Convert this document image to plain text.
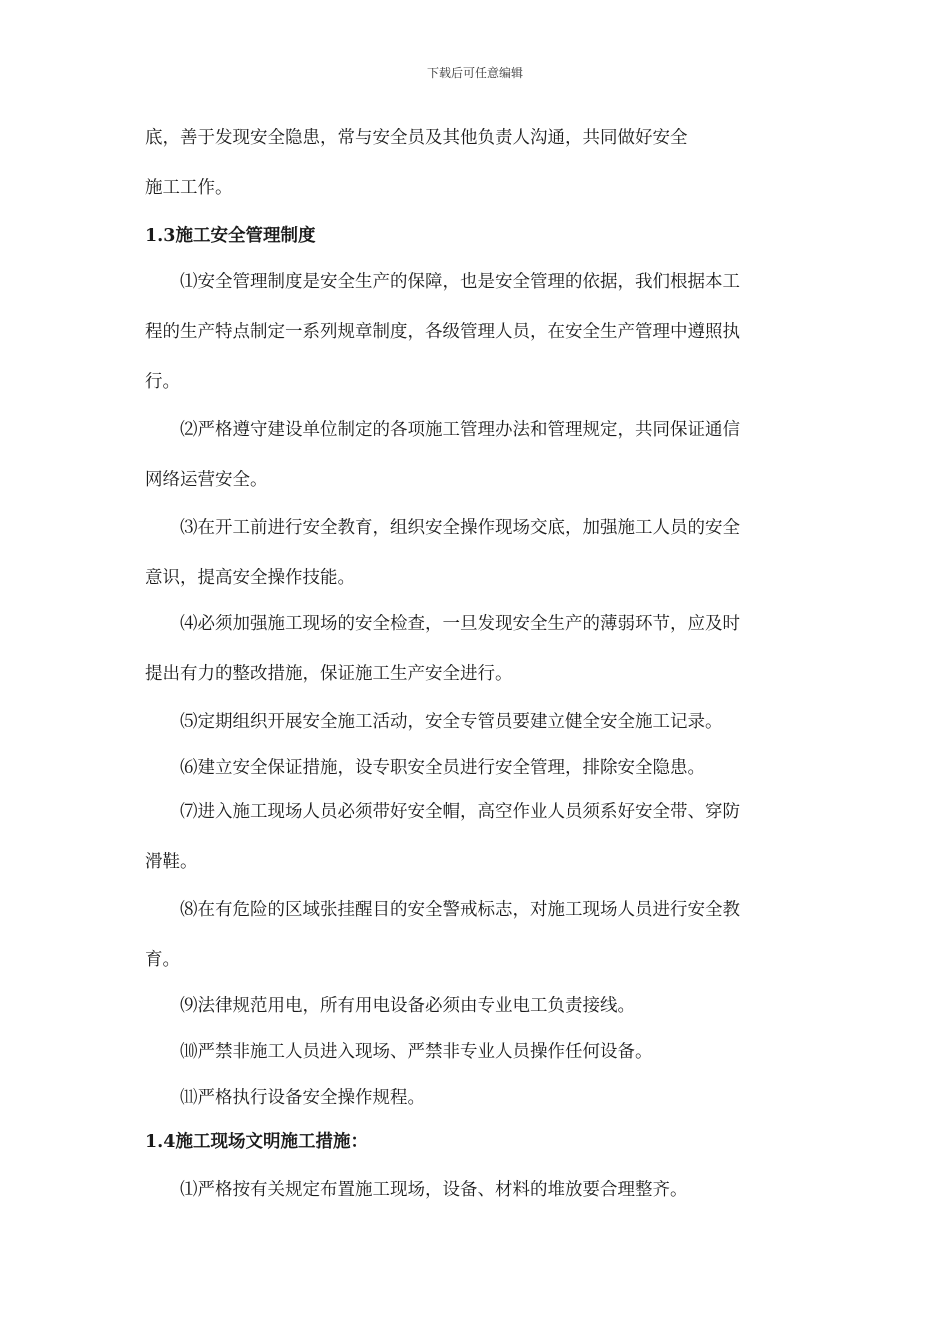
下载后可任意编辑
底，善于发现安全隐患，常与安全员及其他负责人沟通，共同做好安全
施工工作。
1.3施工安全管理制度
⑴安全管理制度是安全生产的保障，也是安全管理的依据，我们根据本工
程的生产特点制定一系列规章制度，各级管理人员，在安全生产管理中遵照执
行。
⑵严格遵守建设单位制定的各项施工管理办法和管理规定，共同保证通信
网络运营安全。
⑶在开工前进行安全教育，组织安全操作现场交底，加强施工人员的安全
意识，提高安全操作技能。
⑷必须加强施工现场的安全检查，一旦发现安全生产的薄弱环节，应及时
提出有力的整改措施，保证施工生产安全进行。
⑸定期组织开展安全施工活动，安全专管员要建立健全安全施工记录。
⑹建立安全保证措施，设专职安全员进行安全管理，排除安全隐患。
⑺进入施工现场人员必须带好安全帽，高空作业人员须系好安全带、穿防
滑鞋。
⑻在有危险的区域张挂醒目的安全警戒标志，对施工现场人员进行安全教
育。
⑼法律规范用电，所有用电设备必须由专业电工负责接线。
⑽严禁非施工人员进入现场、严禁非专业人员操作任何设备。
⑾严格执行设备安全操作规程。
1.4施工现场文明施工措施：
⑴严格按有关规定布置施工现场，设备、材料的堆放要合理整齐。
